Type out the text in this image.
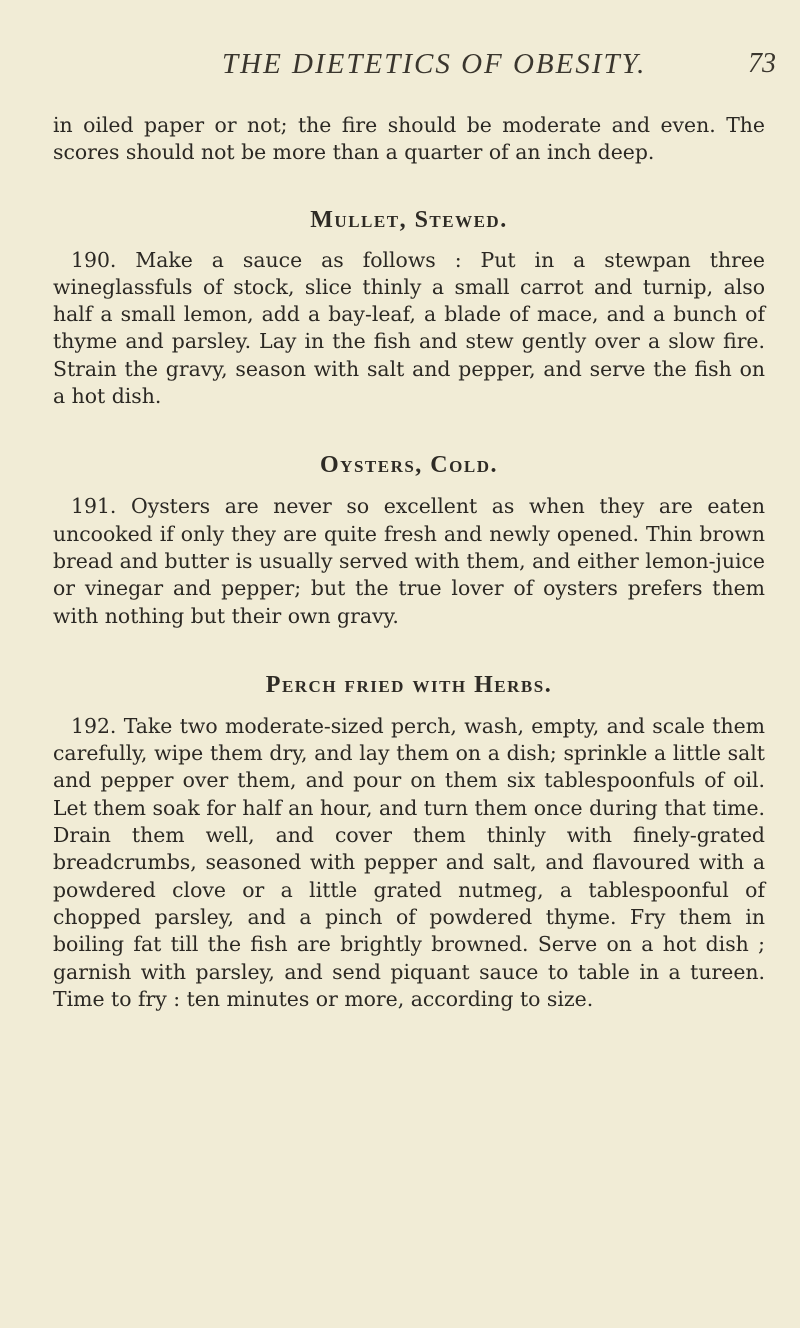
THE DIETETICS OF OBESITY.	73

in oiled paper or not; the fire should be moderate and even. The scores should not be more than a quarter of an inch deep.

Mullet, Stewed.

190. Make a sauce as follows : Put in a stewpan three wineglassfuls of stock, slice thinly a small carrot and turnip, also half a small lemon, add a bay-leaf, a blade of mace, and a bunch of thyme and parsley. Lay in the fish and stew gently over a slow fire. Strain the gravy, season with salt and pepper, and serve the fish on a hot dish.

Oysters, Cold.

191. Oysters are never so excellent as when they are eaten uncooked if only they are quite fresh and newly opened. Thin brown bread and butter is usually served with them, and either lemon-juice or vinegar and pepper; but the true lover of oysters prefers them with nothing but their own gravy.

Perch fried with Herbs.

192. Take two moderate-sized perch, wash, empty, and scale them carefully, wipe them dry, and lay them on a dish; sprinkle a little salt and pepper over them, and pour on them six tablespoonfuls of oil. Let them soak for half an hour, and turn them once during that time. Drain them well, and cover them thinly with finely-grated breadcrumbs, seasoned with pepper and salt, and flavoured with a powdered clove or a little grated nutmeg, a tablespoonful of chopped parsley, and a pinch of powdered thyme. Fry them in boiling fat till the fish are brightly browned. Serve on a hot dish ; garnish with parsley, and send piquant sauce to table in a tureen. Time to fry : ten minutes or more, according to size.
